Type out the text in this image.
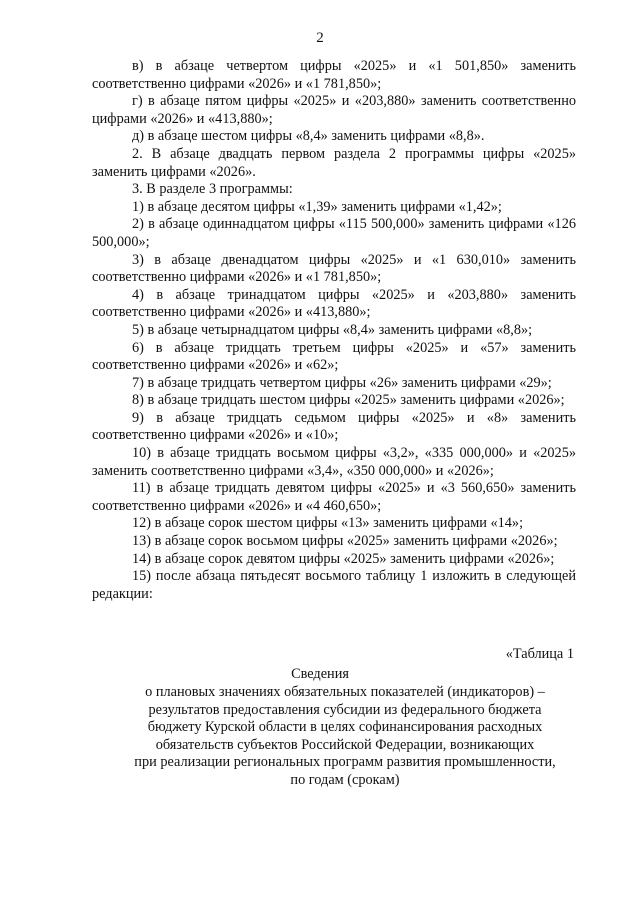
2

в) в абзаце четвертом цифры «2025» и «1 501,850» заменить соответственно цифрами «2026» и «1 781,850»;

г) в абзаце пятом цифры «2025» и «203,880» заменить соответственно цифрами «2026» и «413,880»;

д) в абзаце шестом цифры «8,4» заменить цифрами «8,8».

2. В абзаце двадцать первом раздела 2 программы цифры «2025» заменить цифрами «2026».

3. В разделе 3 программы:

1) в абзаце десятом цифры «1,39» заменить цифрами «1,42»;

2) в абзаце одиннадцатом цифры «115 500,000» заменить цифрами «126 500,000»;

3) в абзаце двенадцатом цифры «2025» и «1 630,010» заменить соответственно цифрами «2026» и «1 781,850»;

4) в абзаце тринадцатом цифры «2025» и «203,880» заменить соответственно цифрами «2026» и «413,880»;

5) в абзаце четырнадцатом цифры «8,4» заменить цифрами «8,8»;

6) в абзаце тридцать третьем цифры «2025» и «57» заменить соответственно цифрами «2026» и «62»;

7) в абзаце тридцать четвертом цифры «26» заменить цифрами «29»;

8) в абзаце тридцать шестом цифры «2025» заменить цифрами «2026»;

9) в абзаце тридцать седьмом цифры «2025» и «8» заменить соответственно цифрами «2026» и «10»;

10) в абзаце тридцать восьмом цифры «3,2», «335 000,000» и «2025» заменить соответственно цифрами «3,4», «350 000,000» и «2026»;

11) в абзаце тридцать девятом цифры «2025» и «3 560,650» заменить соответственно цифрами «2026» и «4 460,650»;

12) в абзаце сорок шестом цифры «13» заменить цифрами «14»;

13) в абзаце сорок восьмом цифры «2025» заменить цифрами «2026»;

14) в абзаце сорок девятом цифры «2025» заменить цифрами «2026»;

15) после абзаца пятьдесят восьмого таблицу 1 изложить в следующей редакции:

«Таблица 1
Сведения
о плановых значениях обязательных показателей (индикаторов) –
результатов предоставления субсидии из федерального бюджета
бюджету Курской области в целях софинансирования расходных
обязательств субъектов Российской Федерации, возникающих
при реализации региональных программ развития промышленности,
по годам (срокам)
